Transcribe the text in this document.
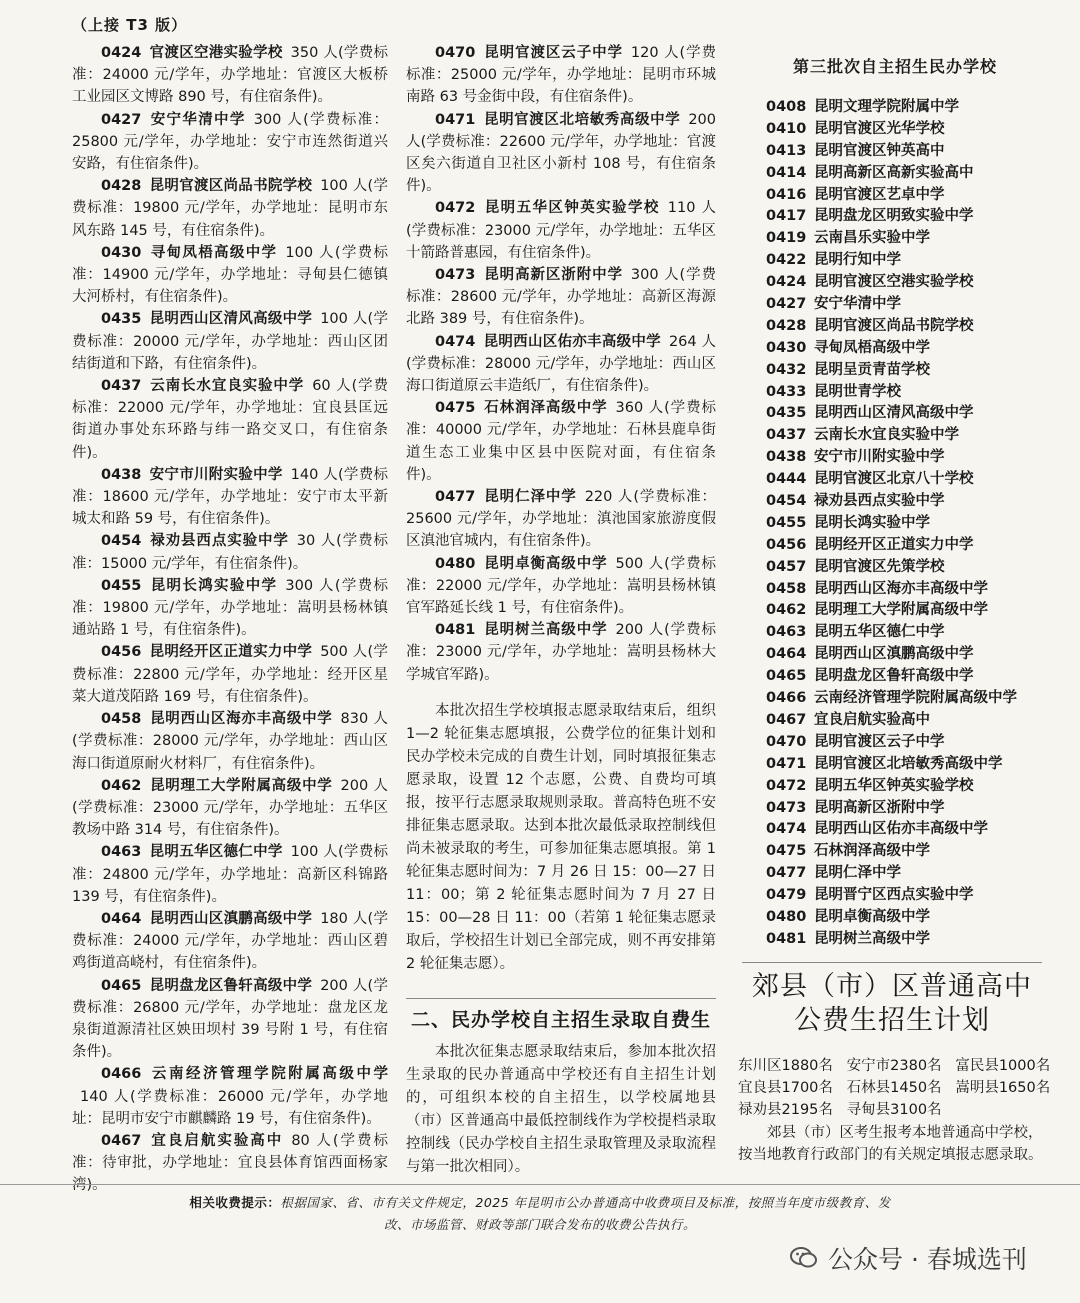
（上接 T3 版）

0424 官渡区空港实验学校 350 人(学费标准：24000 元/学年，办学地址：官渡区大板桥工业园区文博路 890 号，有住宿条件)。

0427 安宁华清中学 300 人(学费标准：25800 元/学年，办学地址：安宁市连然街道兴安路，有住宿条件)。

0428 昆明官渡区尚品书院学校 100 人(学费标准：19800 元/学年，办学地址：昆明市东风东路 145 号，有住宿条件)。

0430 寻甸凤梧高级中学 100 人(学费标准：14900 元/学年，办学地址：寻甸县仁德镇大河桥村，有住宿条件)。

0435 昆明西山区清风高级中学 100 人(学费标准：20000 元/学年，办学地址：西山区团结街道和下路，有住宿条件)。

0437 云南长水宜良实验中学 60 人(学费标准：22000 元/学年，办学地址：宜良县匡远街道办事处东环路与纬一路交叉口，有住宿条件)。

0438 安宁市川附实验中学 140 人(学费标准：18600 元/学年，办学地址：安宁市太平新城太和路 59 号，有住宿条件)。

0454 禄劝县西点实验中学 30 人(学费标准：15000 元/学年，有住宿条件)。

0455 昆明长鸿实验中学 300 人(学费标准：19800 元/学年，办学地址：嵩明县杨林镇通站路 1 号，有住宿条件)。

0456 昆明经开区正道实力中学 500 人(学费标准：22800 元/学年，办学地址：经开区星菜大道茂陌路 169 号，有住宿条件)。

0458 昆明西山区海亦丰高级中学 830 人(学费标准：28000 元/学年，办学地址：西山区海口街道原耐火材料厂，有住宿条件)。

0462 昆明理工大学附属高级中学 200 人(学费标准：23000 元/学年，办学地址：五华区教场中路 314 号，有住宿条件)。

0463 昆明五华区德仁中学 100 人(学费标准：24800 元/学年，办学地址：高新区科锦路 139 号，有住宿条件)。

0464 昆明西山区滇鹏高级中学 180 人(学费标准：24000 元/学年，办学地址：西山区碧鸡街道高峣村，有住宿条件)。

0465 昆明盘龙区鲁轩高级中学 200 人(学费标准：26800 元/学年，办学地址：盘龙区龙泉街道源清社区姎田坝村 39 号附 1 号，有住宿条件)。

0466 云南经济管理学院附属高级中学140 人(学费标准：26000 元/学年，办学地址：昆明市安宁市麒麟路 19 号，有住宿条件)。

0467 宜良启航实验高中 80 人(学费标准：待审批，办学地址：宜良县体育馆西面杨家湾)。

0470 昆明官渡区云子中学 120 人(学费标准：25000 元/学年，办学地址：昆明市环城南路 63 号金街中段，有住宿条件)。

0471 昆明官渡区北培敏秀高级中学 200 人(学费标准：22600 元/学年，办学地址：官渡区矣六街道自卫社区小新村 108 号，有住宿条件)。

0472 昆明五华区钟英实验学校 110 人(学费标准：23000 元/学年，办学地址：五华区十箭路普惠园，有住宿条件)。

0473 昆明高新区浙附中学 300 人(学费标准：28600 元/学年，办学地址：高新区海源北路 389 号，有住宿条件)。

0474 昆明西山区佑亦丰高级中学 264 人(学费标准：28000 元/学年，办学地址：西山区海口街道原云丰造纸厂，有住宿条件)。

0475 石林润泽高级中学 360 人(学费标准：40000 元/学年，办学地址：石林县鹿阜街道生态工业集中区县中医院对面，有住宿条件)。

0477 昆明仁泽中学 220 人(学费标准：25600 元/学年，办学地址：滇池国家旅游度假区滇池官城内，有住宿条件)。

0480 昆明卓衡高级中学 500 人(学费标准：22000 元/学年，办学地址：嵩明县杨林镇官军路延长线 1 号，有住宿条件)。

0481 昆明树兰高级中学 200 人(学费标准：23000 元/学年，办学地址：嵩明县杨林大学城官军路)。

本批次招生学校填报志愿录取结束后，组织 1—2 轮征集志愿填报，公费学位的征集计划和民办学校未完成的自费生计划，同时填报征集志愿录取，设置 12 个志愿，公费、自费均可填报，按平行志愿录取规则录取。普高特色班不安排征集志愿录取。达到本批次最低录取控制线但尚未被录取的考生，可参加征集志愿填报。第 1 轮征集志愿时间为：7 月 26 日 15：00—27 日 11：00；第 2 轮征集志愿时间为 7 月 27 日 15：00—28 日 11：00（若第 1 轮征集志愿录取后，学校招生计划已全部完成，则不再安排第 2 轮征集志愿）。

二、民办学校自主招生录取自费生

本批次征集志愿录取结束后，参加本批次招生录取的民办普通高中学校还有自主招生计划的，可组织本校的自主招生，以学校属地县（市）区普通高中最低控制线作为学校提档录取控制线（民办学校自主招生录取管理及录取流程与第一批次相同）。

第三批次自主招生民办学校
0408 昆明文理学院附属中学
0410 昆明官渡区光华学校
0413 昆明官渡区钟英高中
0414 昆明高新区高新实验高中
0416 昆明官渡区艺卓中学
0417 昆明盘龙区明致实验中学
0419 云南昌乐实验中学
0422 昆明行知中学
0424 昆明官渡区空港实验学校
0427 安宁华清中学
0428 昆明官渡区尚品书院学校
0430 寻甸凤梧高级中学
0432 昆明呈贡青苗学校
0433 昆明世青学校
0435 昆明西山区清风高级中学
0437 云南长水宜良实验中学
0438 安宁市川附实验中学
0444 昆明官渡区北京八十学校
0454 禄劝县西点实验中学
0455 昆明长鸿实验中学
0456 昆明经开区正道实力中学
0457 昆明官渡区先策学校
0458 昆明西山区海亦丰高级中学
0462 昆明理工大学附属高级中学
0463 昆明五华区德仁中学
0464 昆明西山区滇鹏高级中学
0465 昆明盘龙区鲁轩高级中学
0466 云南经济管理学院附属高级中学
0467 宜良启航实验高中
0470 昆明官渡区云子中学
0471 昆明官渡区北培敏秀高级中学
0472 昆明五华区钟英实验学校
0473 昆明高新区浙附中学
0474 昆明西山区佑亦丰高级中学
0475 石林润泽高级中学
0477 昆明仁泽中学
0479 昆明晋宁区西点实验中学
0480 昆明卓衡高级中学
0481 昆明树兰高级中学
郊县（市）区普通高中
公费生招生计划
东川区1880名 安宁市2380名 富民县1000名
宜良县1700名 石林县1450名 嵩明县1650名
禄劝县2195名 寻甸县3100名

郊县（市）区考生报考本地普通高中学校，按当地教育行政部门的有关规定填报志愿录取。

相关收费提示：根据国家、省、市有关文件规定，2025 年昆明市公办普通高中收费项目及标准，按照当年度市级教育、发改、市场监管、财政等部门联合发布的收费公告执行。
公众号 · 春城选刊
